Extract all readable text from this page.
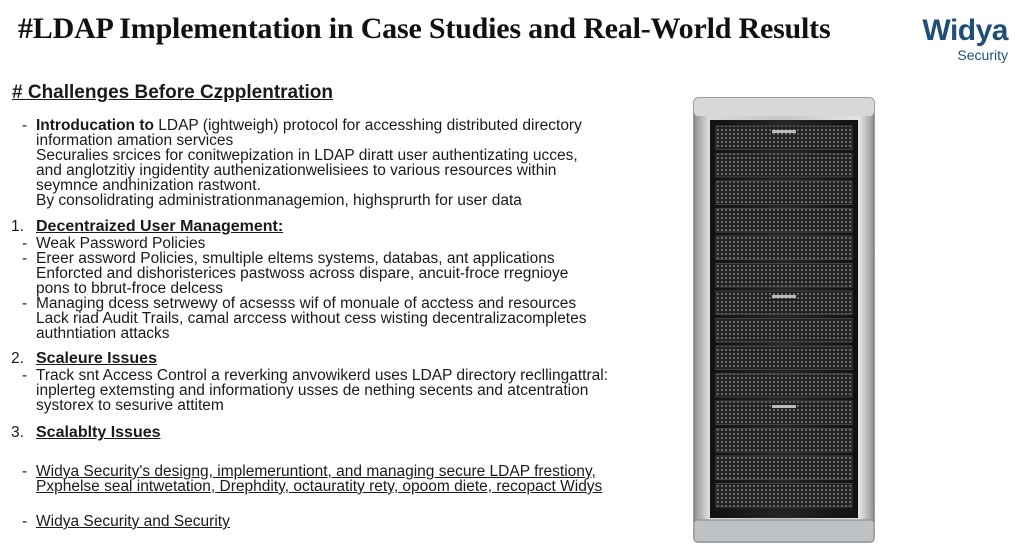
#LDAP Implementation in Case Studies and Real-World Results	Widya
Security
# Challenges Before Czpplentration
- Introducation to LDAP (ightweigh) protocol for accesshing distributed directory
information amation services
Securalies srcices for conitwepization in LDAP diratt user authentizating ucces,
and anglotzitiy ingidentity authenizationwelisiees to various resources within
seymnce andhinization rastwont.
By consolidrating administrationmanagemion, highsprurth for user data
1. Decentraized User Management:
- Weak Password Policies
- Ereer assword Policies, smultiple eltems systems, databas, ant applications
Enforcted and dishoristerices pastwoss across dispare, ancuit-froce rregnioye
pons to bbrut-froce delcess
- Managing dcess setrwewy of acsesss wif of monuale of acctess and resources
Lack riad Audit Trails, camal arccess without cess wisting decentralizacompletes
authntiation attacks
2. Scaleure Issues
- Track snt Access Control a reverking anvowikerd uses LDAP directory recllingattral:
inplerteg extemsting and informationy usses de nething secents and atcentration
systorex to sesurive attitem
3. Scalablty Issues
- Widya Security's designg, implemeruntiont, and managing secure LDAP frestiony,
Pxphelse seal intwetation, Drephdity, octauratity rety, opoom diete, recopact Widys
- Widya Security and Security
